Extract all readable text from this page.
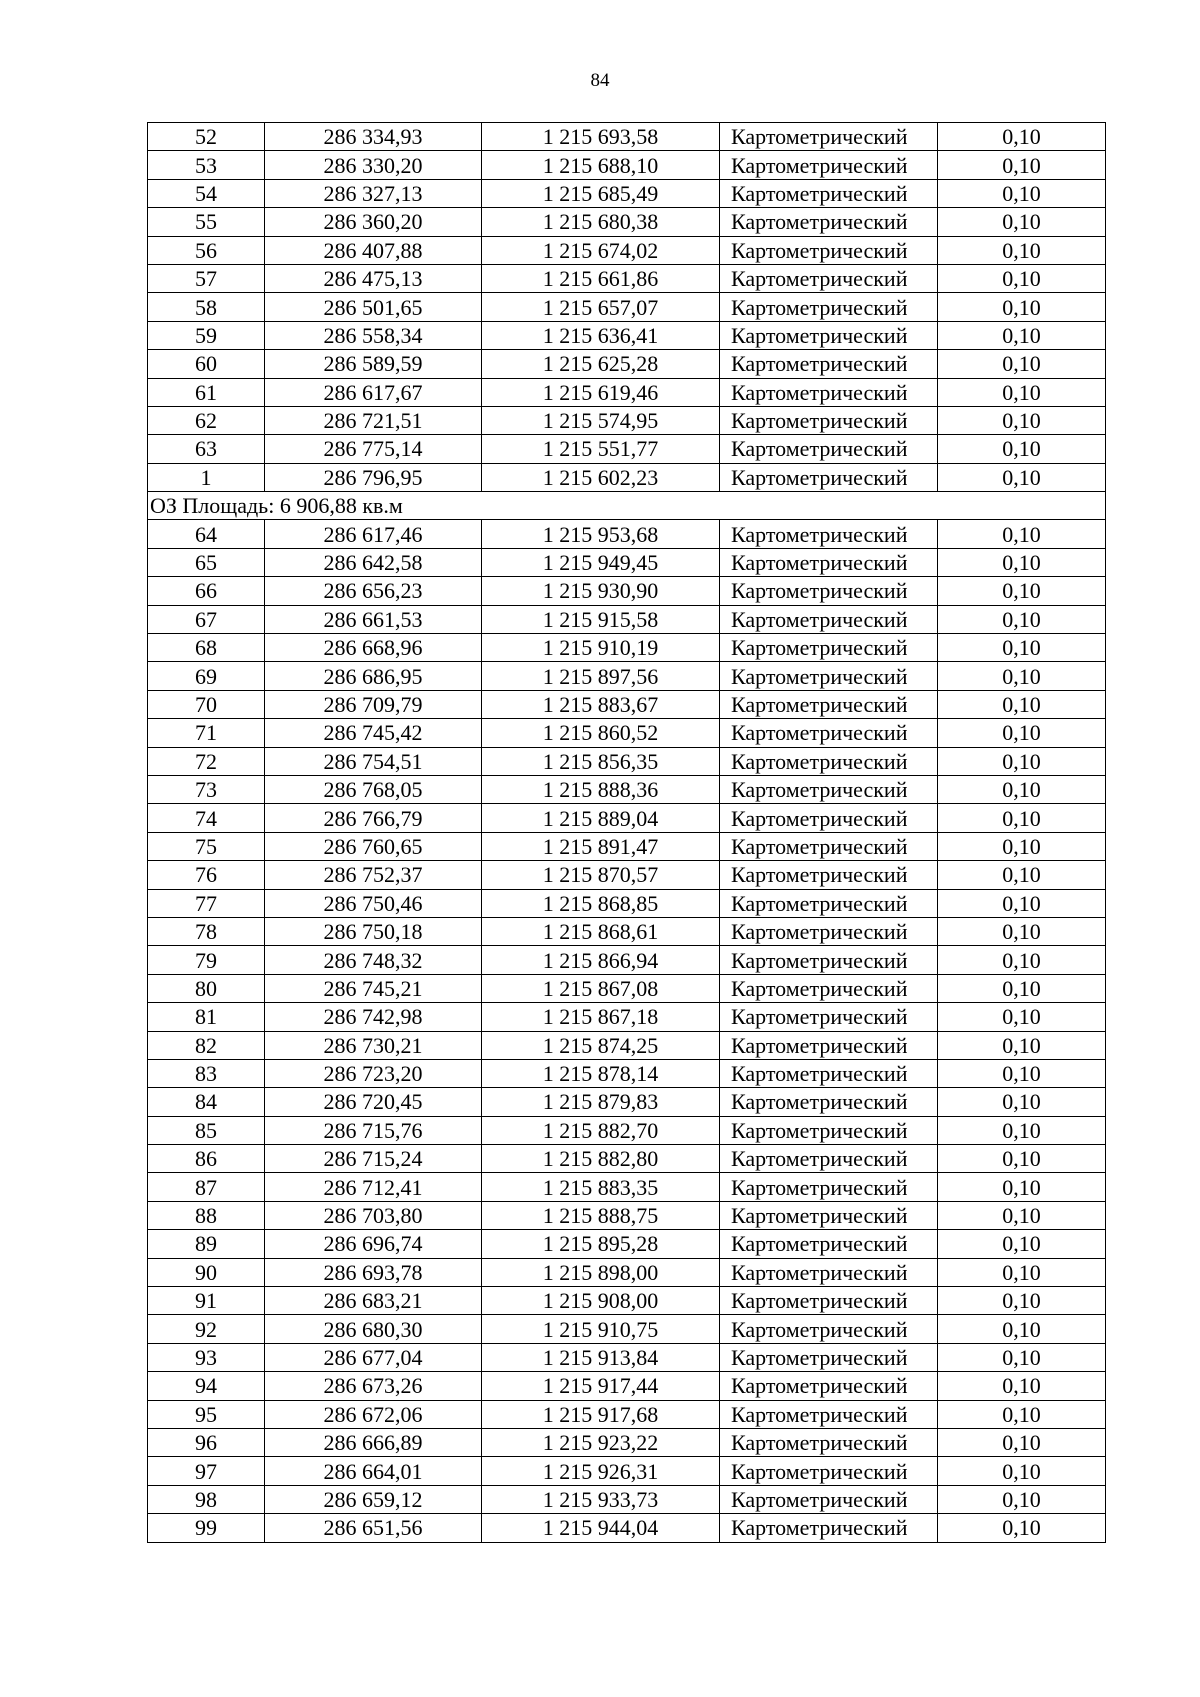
84
52	286 334,93	1 215 693,58	Картометрический	0,10
53	286 330,20	1 215 688,10	Картометрический	0,10
54	286 327,13	1 215 685,49	Картометрический	0,10
55	286 360,20	1 215 680,38	Картометрический	0,10
56	286 407,88	1 215 674,02	Картометрический	0,10
57	286 475,13	1 215 661,86	Картометрический	0,10
58	286 501,65	1 215 657,07	Картометрический	0,10
59	286 558,34	1 215 636,41	Картометрический	0,10
60	286 589,59	1 215 625,28	Картометрический	0,10
61	286 617,67	1 215 619,46	Картометрический	0,10
62	286 721,51	1 215 574,95	Картометрический	0,10
63	286 775,14	1 215 551,77	Картометрический	0,10
1	286 796,95	1 215 602,23	Картометрический	0,10
ОЗ Площадь: 6 906,88 кв.м				
64	286 617,46	1 215 953,68	Картометрический	0,10
65	286 642,58	1 215 949,45	Картометрический	0,10
66	286 656,23	1 215 930,90	Картометрический	0,10
67	286 661,53	1 215 915,58	Картометрический	0,10
68	286 668,96	1 215 910,19	Картометрический	0,10
69	286 686,95	1 215 897,56	Картометрический	0,10
70	286 709,79	1 215 883,67	Картометрический	0,10
71	286 745,42	1 215 860,52	Картометрический	0,10
72	286 754,51	1 215 856,35	Картометрический	0,10
73	286 768,05	1 215 888,36	Картометрический	0,10
74	286 766,79	1 215 889,04	Картометрический	0,10
75	286 760,65	1 215 891,47	Картометрический	0,10
76	286 752,37	1 215 870,57	Картометрический	0,10
77	286 750,46	1 215 868,85	Картометрический	0,10
78	286 750,18	1 215 868,61	Картометрический	0,10
79	286 748,32	1 215 866,94	Картометрический	0,10
80	286 745,21	1 215 867,08	Картометрический	0,10
81	286 742,98	1 215 867,18	Картометрический	0,10
82	286 730,21	1 215 874,25	Картометрический	0,10
83	286 723,20	1 215 878,14	Картометрический	0,10
84	286 720,45	1 215 879,83	Картометрический	0,10
85	286 715,76	1 215 882,70	Картометрический	0,10
86	286 715,24	1 215 882,80	Картометрический	0,10
87	286 712,41	1 215 883,35	Картометрический	0,10
88	286 703,80	1 215 888,75	Картометрический	0,10
89	286 696,74	1 215 895,28	Картометрический	0,10
90	286 693,78	1 215 898,00	Картометрический	0,10
91	286 683,21	1 215 908,00	Картометрический	0,10
92	286 680,30	1 215 910,75	Картометрический	0,10
93	286 677,04	1 215 913,84	Картометрический	0,10
94	286 673,26	1 215 917,44	Картометрический	0,10
95	286 672,06	1 215 917,68	Картометрический	0,10
96	286 666,89	1 215 923,22	Картометрический	0,10
97	286 664,01	1 215 926,31	Картометрический	0,10
98	286 659,12	1 215 933,73	Картометрический	0,10
99	286 651,56	1 215 944,04	Картометрический	0,10
